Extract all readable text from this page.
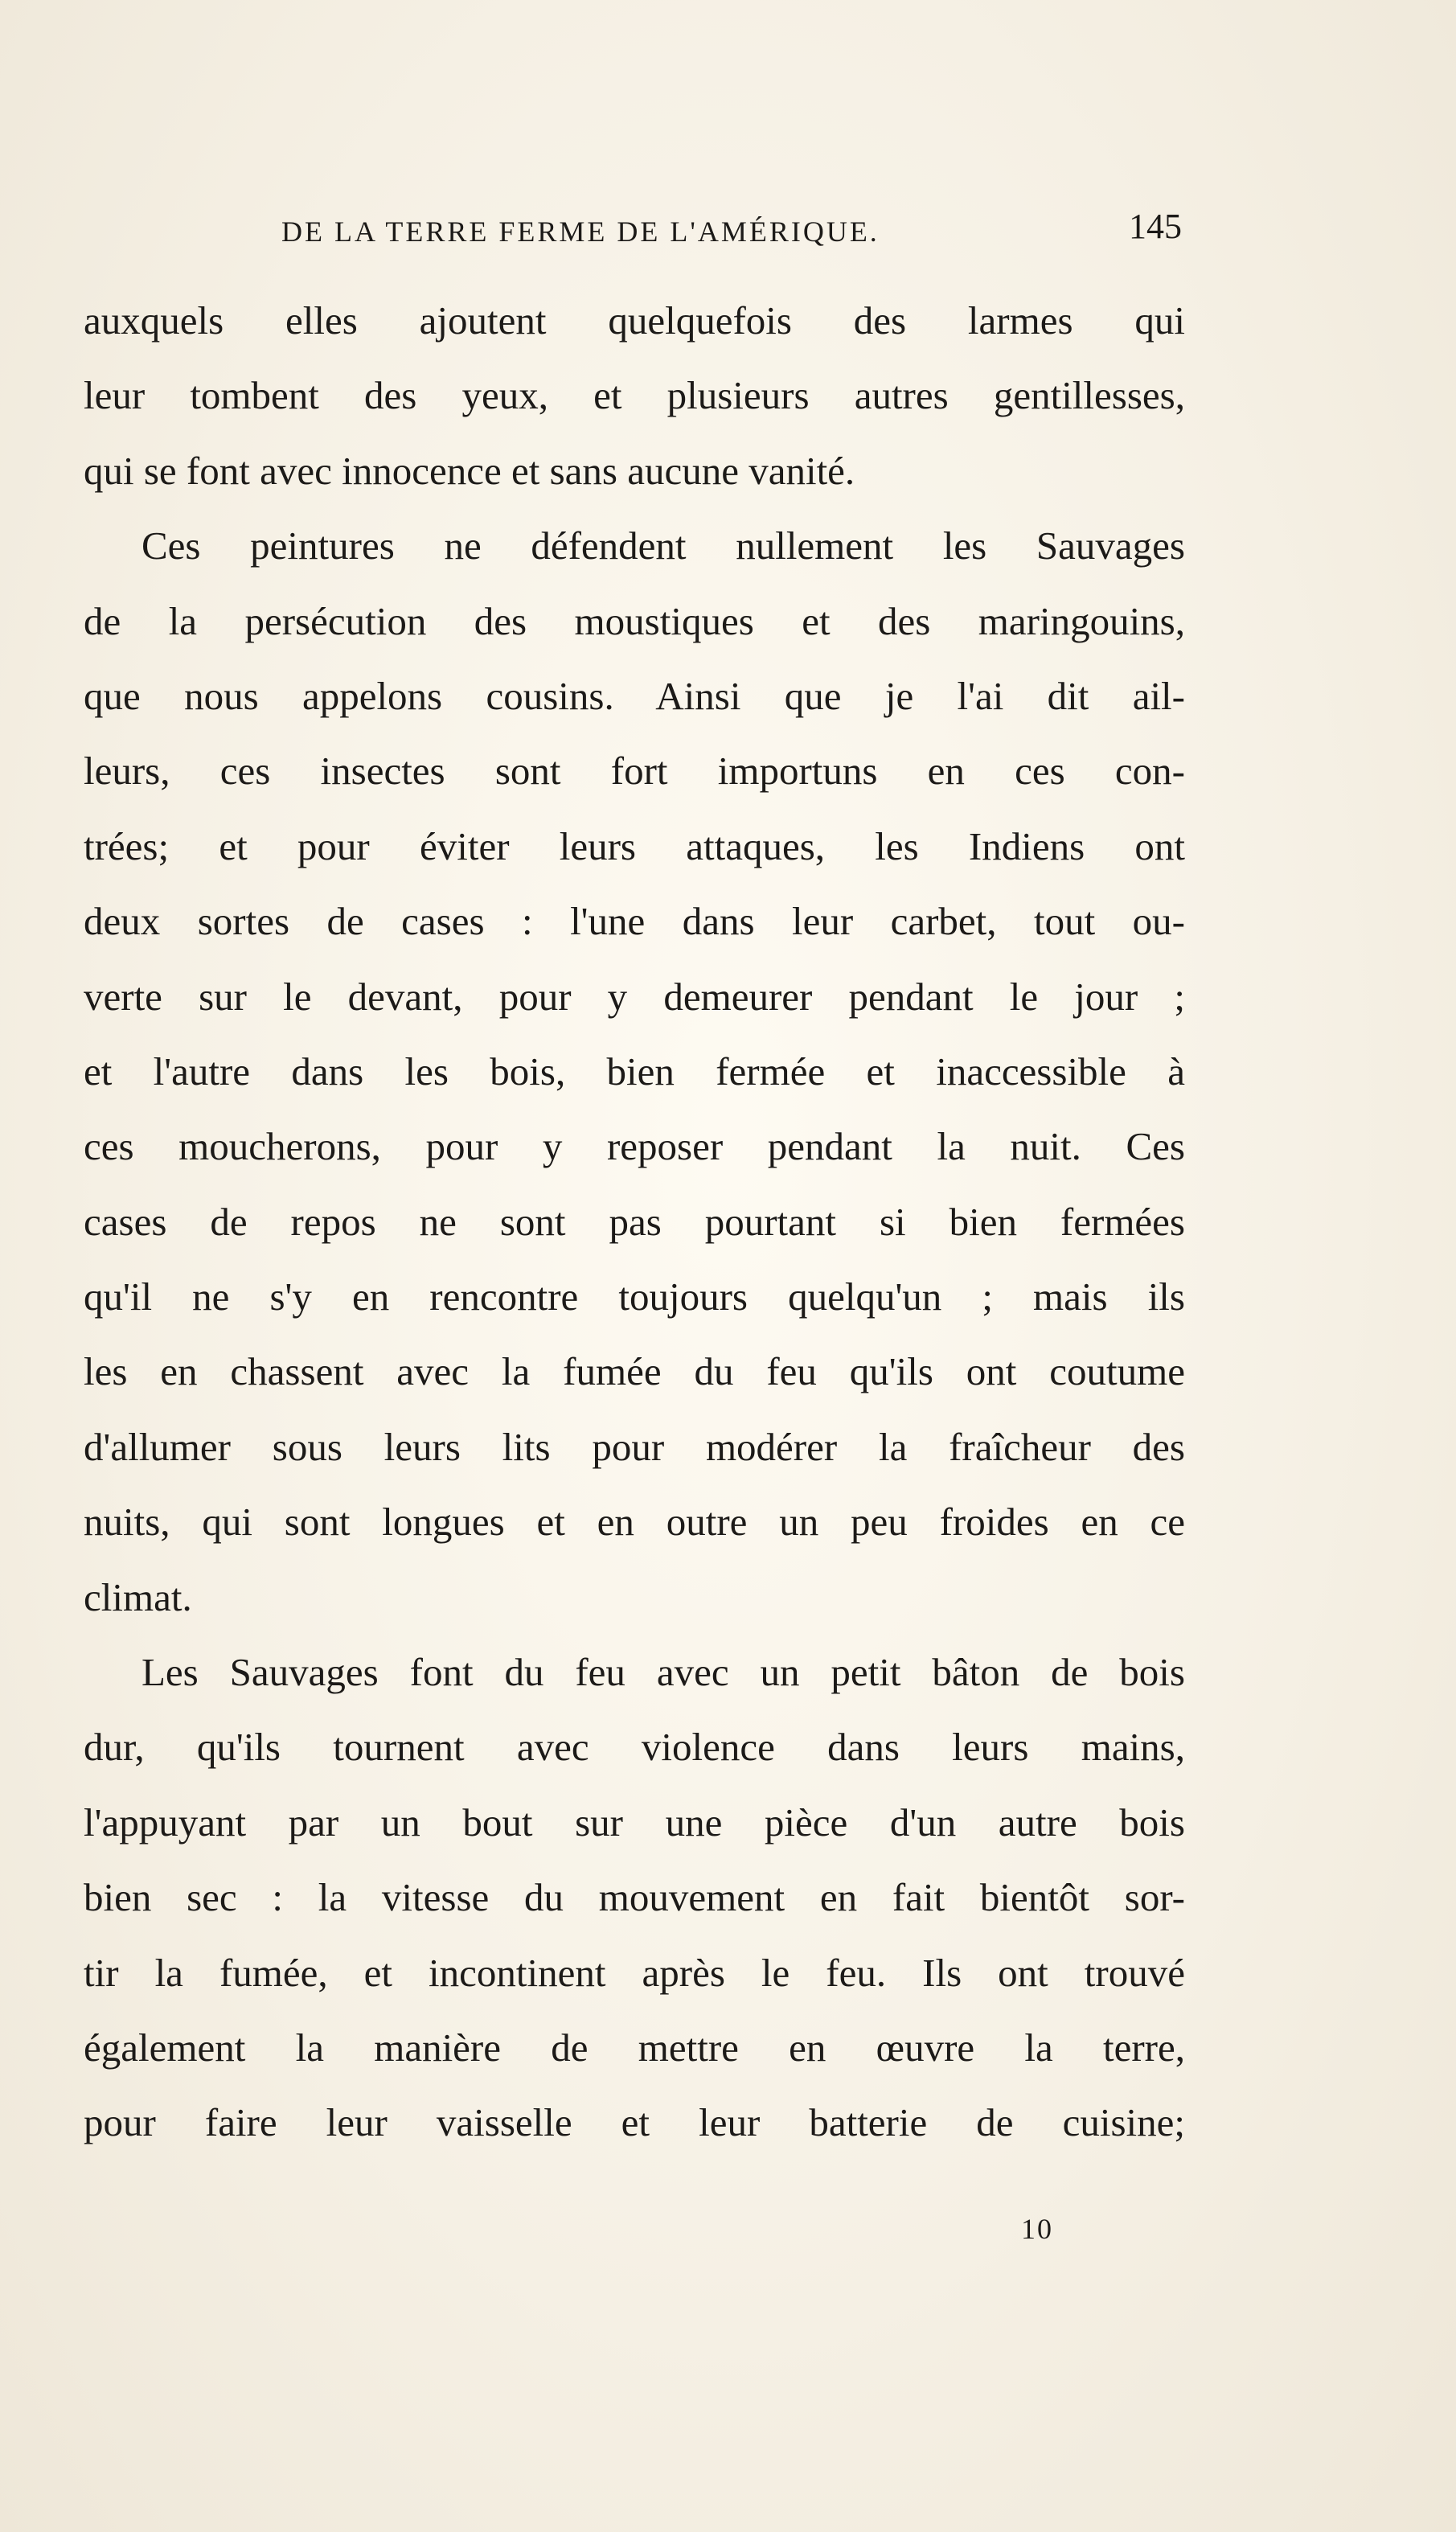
DE LA TERRE FERME DE L'AMÉRIQUE.	145
auxquels elles ajoutent quelquefois des larmes qui
leur tombent des yeux, et plusieurs autres gentillesses,
qui se font avec innocence et sans aucune vanité.
Ces peintures ne défendent nullement les Sauvages
de la persécution des moustiques et des maringouins,
que nous appelons cousins. Ainsi que je l'ai dit ail-
leurs, ces insectes sont fort importuns en ces con-
trées; et pour éviter leurs attaques, les Indiens ont
deux sortes de cases : l'une dans leur carbet, tout ou-
verte sur le devant, pour y demeurer pendant le jour ;
et l'autre dans les bois, bien fermée et inaccessible à
ces moucherons, pour y reposer pendant la nuit. Ces
cases de repos ne sont pas pourtant si bien fermées
qu'il ne s'y en rencontre toujours quelqu'un ; mais ils
les en chassent avec la fumée du feu qu'ils ont coutume
d'allumer sous leurs lits pour modérer la fraîcheur des
nuits, qui sont longues et en outre un peu froides en ce
climat.
Les Sauvages font du feu avec un petit bâton de bois
dur, qu'ils tournent avec violence dans leurs mains,
l'appuyant par un bout sur une pièce d'un autre bois
bien sec : la vitesse du mouvement en fait bientôt sor-
tir la fumée, et incontinent après le feu. Ils ont trouvé
également la manière de mettre en œuvre la terre,
pour faire leur vaisselle et leur batterie de cuisine;
10
